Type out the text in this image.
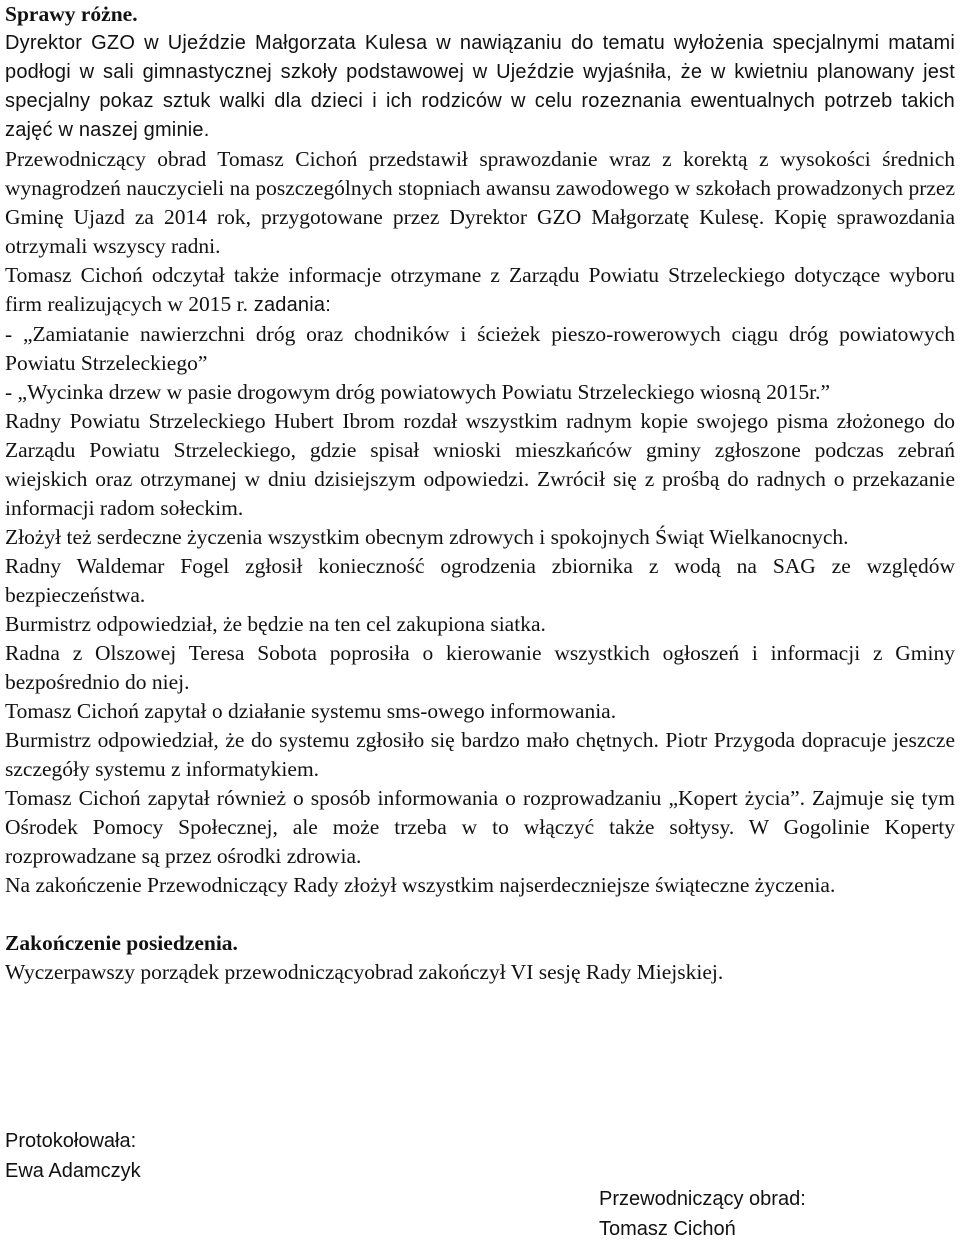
Sprawy różne.

Dyrektor GZO w Ujeździe Małgorzata Kulesa w nawiązaniu do tematu wyłożenia specjalnymi matami podłogi w sali gimnastycznej szkoły podstawowej w Ujeździe wyjaśniła, że w kwietniu planowany jest specjalny pokaz sztuk walki dla dzieci i ich rodziców w celu rozeznania ewentualnych potrzeb takich zajęć w naszej gminie.

Przewodniczący obrad Tomasz Cichoń przedstawił sprawozdanie wraz z korektą z wysokości średnich wynagrodzeń nauczycieli na poszczególnych stopniach awansu zawodowego w szkołach prowadzonych przez Gminę Ujazd za 2014 rok, przygotowane przez Dyrektor GZO Małgorzatę Kulesę. Kopię sprawozdania otrzymali wszyscy radni.

Tomasz Cichoń odczytał także informacje otrzymane z Zarządu Powiatu Strzeleckiego dotyczące wyboru firm realizujących w 2015 r. zadania:

- „Zamiatanie nawierzchni dróg oraz chodników i ścieżek pieszo-rowerowych ciągu dróg powiatowych Powiatu Strzeleckiego”

- „Wycinka drzew w pasie drogowym dróg powiatowych Powiatu Strzeleckiego wiosną 2015r.”

Radny Powiatu Strzeleckiego Hubert Ibrom rozdał wszystkim radnym kopie swojego pisma złożonego do Zarządu Powiatu Strzeleckiego, gdzie spisał wnioski mieszkańców gminy zgłoszone podczas zebrań wiejskich oraz otrzymanej w dniu dzisiejszym odpowiedzi. Zwrócił się z prośbą do radnych o przekazanie informacji radom sołeckim.

Złożył też serdeczne życzenia wszystkim obecnym zdrowych i spokojnych Świąt Wielkanocnych.

Radny Waldemar Fogel zgłosił konieczność ogrodzenia zbiornika z wodą na SAG ze względów bezpieczeństwa.

Burmistrz odpowiedział, że będzie na ten cel zakupiona siatka.

Radna z Olszowej Teresa Sobota poprosiła o kierowanie wszystkich ogłoszeń i informacji z Gminy bezpośrednio do niej.

Tomasz Cichoń zapytał o działanie systemu sms-owego informowania.

Burmistrz odpowiedział, że do systemu zgłosiło się bardzo mało chętnych. Piotr Przygoda dopracuje jeszcze szczegóły systemu z informatykiem.

Tomasz Cichoń zapytał również o sposób informowania o rozprowadzaniu „Kopert życia”. Zajmuje się tym Ośrodek Pomocy Społecznej, ale może trzeba w to włączyć także sołtysy. W Gogolinie Koperty rozprowadzane są przez ośrodki zdrowia.

Na zakończenie Przewodniczący Rady złożył wszystkim najserdeczniejsze świąteczne życzenia.

Zakończenie posiedzenia.

Wyczerpawszy porządek przewodniczącyobrad zakończył VI sesję Rady Miejskiej.

Protokołowała:
Ewa Adamczyk
Przewodniczący obrad:
Tomasz Cichoń
